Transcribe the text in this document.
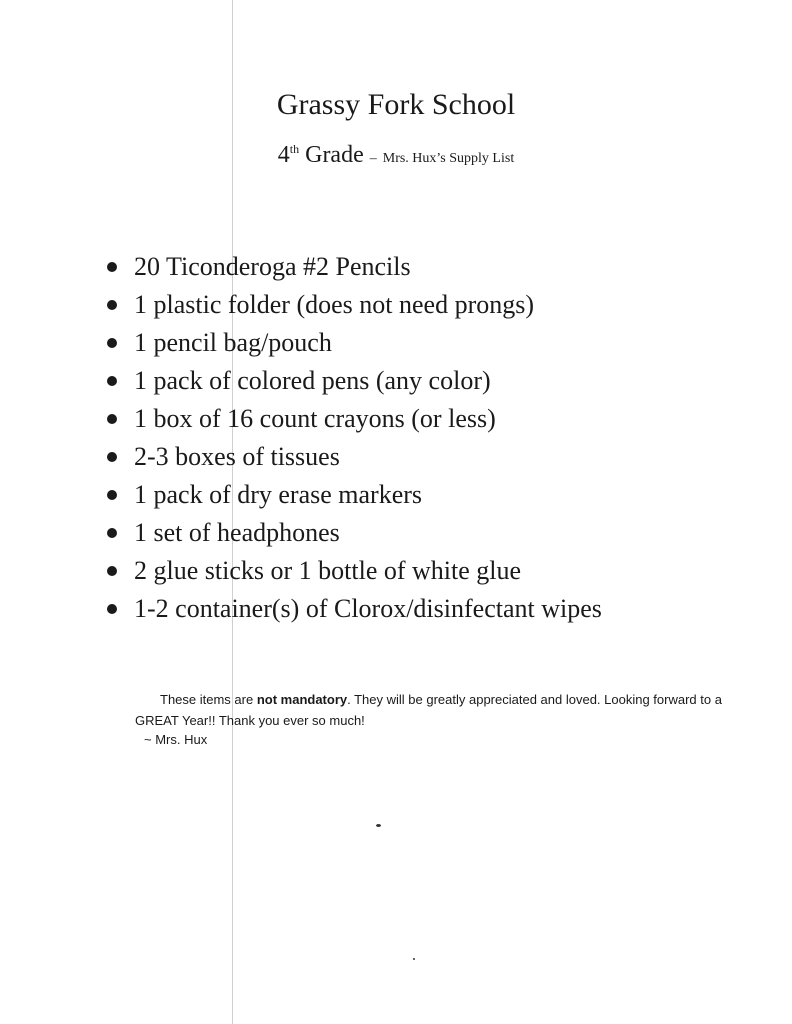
Grassy Fork School
4th Grade – Mrs. Hux’s Supply List
20 Ticonderoga #2 Pencils
1 plastic folder (does not need prongs)
1 pencil bag/pouch
1 pack of colored pens (any color)
1 box of 16 count crayons (or less)
2-3 boxes of tissues
1 pack of dry erase markers
1 set of headphones
2 glue sticks or 1 bottle of white glue
1-2 container(s) of Clorox/disinfectant wipes
These items are not mandatory. They will be greatly appreciated and loved. Looking forward to a GREAT Year!! Thank you ever so much!
~ Mrs. Hux
